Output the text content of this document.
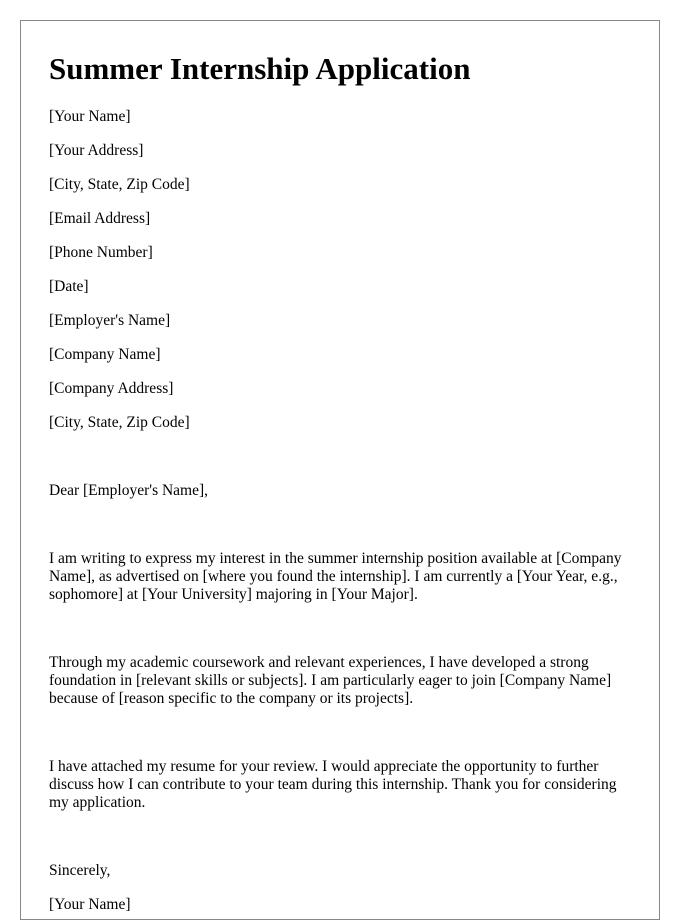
Summer Internship Application

[Your Name]

[Your Address]

[City, State, Zip Code]

[Email Address]

[Phone Number]

[Date]

[Employer's Name]

[Company Name]

[Company Address]

[City, State, Zip Code]

Dear [Employer's Name],

I am writing to express my interest in the summer internship position available at [Company Name], as advertised on [where you found the internship]. I am currently a [Your Year, e.g., sophomore] at [Your University] majoring in [Your Major].

Through my academic coursework and relevant experiences, I have developed a strong foundation in [relevant skills or subjects]. I am particularly eager to join [Company Name] because of [reason specific to the company or its projects].

I have attached my resume for your review. I would appreciate the opportunity to further discuss how I can contribute to your team during this internship. Thank you for considering my application.

Sincerely,

[Your Name]
